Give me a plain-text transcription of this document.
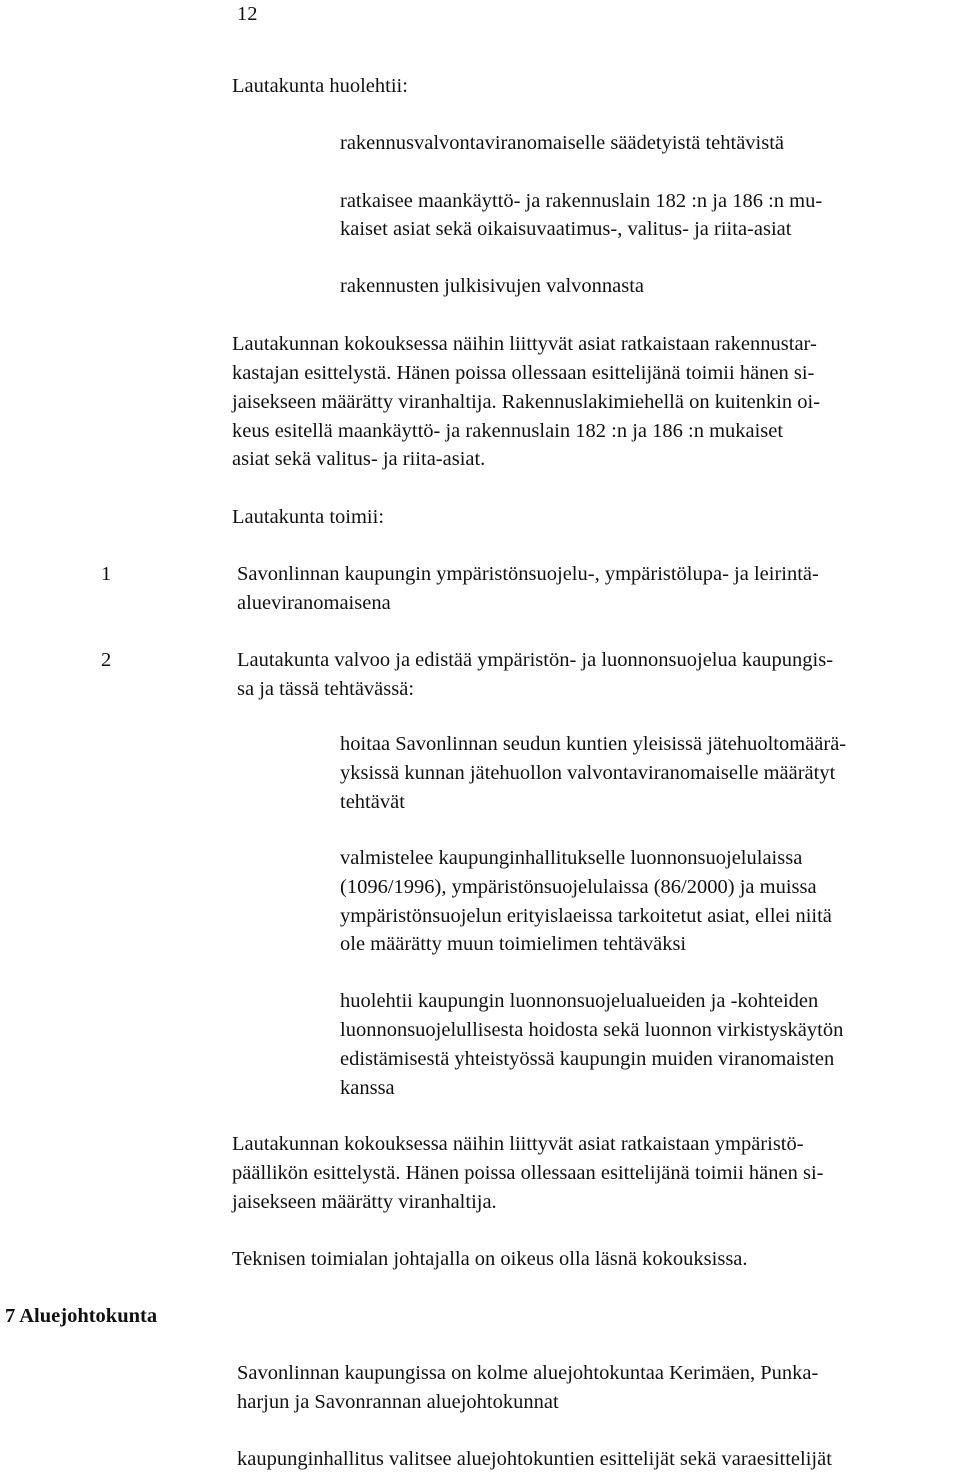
12
Lautakunta huolehtii:
rakennusvalvontaviranomaiselle säädetyistä tehtävistä
ratkaisee maankäyttö- ja rakennuslain 182 :n ja 186 :n mu-
kaiset asiat sekä oikaisuvaatimus-, valitus- ja riita-asiat
rakennusten julkisivujen valvonnasta
Lautakunnan kokouksessa näihin liittyvät asiat ratkaistaan rakennustar-
kastajan esittelystä. Hänen poissa ollessaan esittelijänä toimii hänen si-
jaisekseen määrätty viranhaltija. Rakennuslakimiehellä on kuitenkin oi-
keus esitellä maankäyttö- ja rakennuslain 182 :n ja 186 :n mukaiset
asiat sekä valitus- ja riita-asiat.
Lautakunta toimii:
1	Savonlinnan kaupungin ympäristönsuojelu-, ympäristölupa- ja leirintä-
alueviranomaisena
2	Lautakunta valvoo ja edistää ympäristön- ja luonnonsuojelua kaupungis-
sa ja tässä tehtävässä:
hoitaa Savonlinnan seudun kuntien yleisissä jätehuoltomäärä-
yksissä kunnan jätehuollon valvontaviranomaiselle määrätyt
tehtävät
valmistelee kaupunginhallitukselle luonnonsuojelulaissa
(1096/1996), ympäristönsuojelulaissa (86/2000) ja muissa
ympäristönsuojelun erityislaeissa tarkoitetut asiat, ellei niitä
ole määrätty muun toimielimen tehtäväksi
huolehtii kaupungin luonnonsuojelualueiden ja -kohteiden
luonnonsuojelullisesta hoidosta sekä luonnon virkistyskäytön
edistämisestä yhteistyössä kaupungin muiden viranomaisten
kanssa
Lautakunnan kokouksessa näihin liittyvät asiat ratkaistaan ympäristö-
päällikön esittelystä. Hänen poissa ollessaan esittelijänä toimii hänen si-
jaisekseen määrätty viranhaltija.
Teknisen toimialan johtajalla on oikeus olla läsnä kokouksissa.
7 Aluejohtokunta
Savonlinnan kaupungissa on kolme aluejohtokuntaa Kerimäen, Punka-
harjun ja Savonrannan aluejohtokunnat
kaupunginhallitus valitsee aluejohtokuntien esittelijät sekä varaesittelijät
